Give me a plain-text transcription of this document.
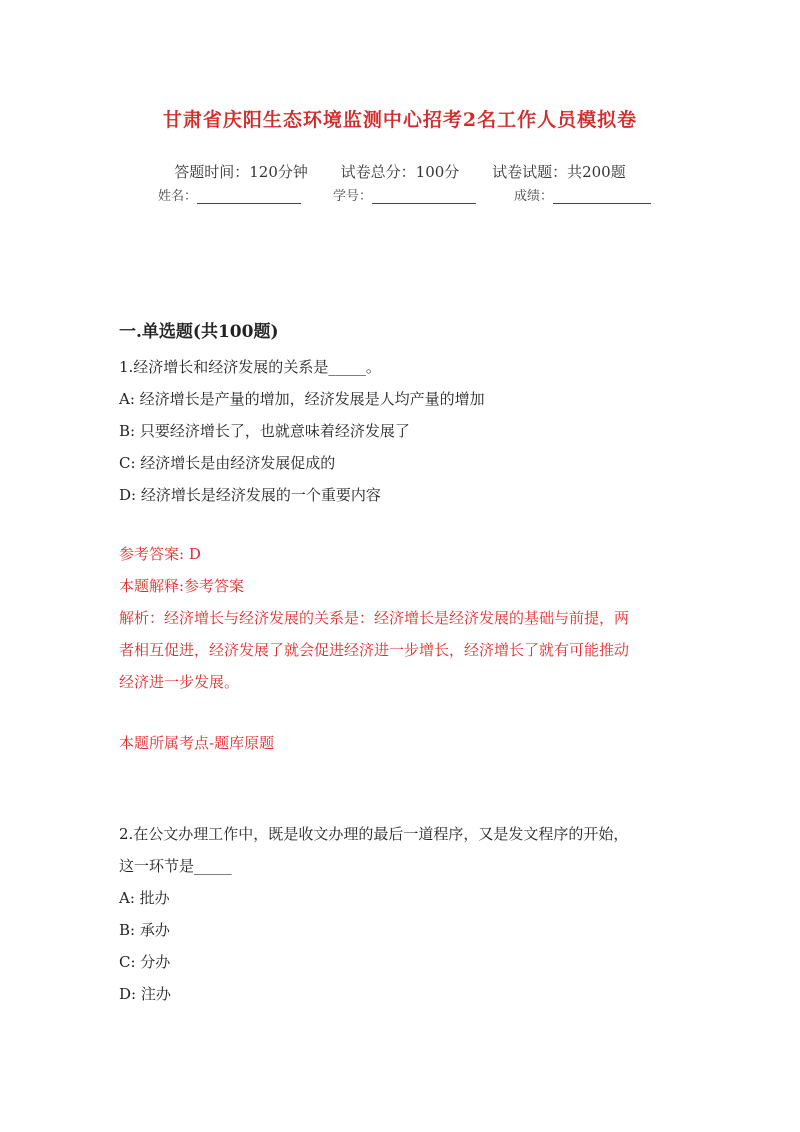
甘肃省庆阳生态环境监测中心招考2名工作人员模拟卷
答题时间：120分钟 试卷总分：100分 试卷试题：共200题
姓名：	学号：	成绩：
一.单选题(共100题)

1.经济增长和经济发展的关系是_____。

A: 经济增长是产量的增加，经济发展是人均产量的增加

B: 只要经济增长了，也就意味着经济发展了

C: 经济增长是由经济发展促成的

D: 经济增长是经济发展的一个重要内容

参考答案: D

本题解释:参考答案

解析：经济增长与经济发展的关系是：经济增长是经济发展的基础与前提，两

者相互促进，经济发展了就会促进经济进一步增长，经济增长了就有可能推动

经济进一步发展。

本题所属考点-题库原题

2.在公文办理工作中，既是收文办理的最后一道程序，又是发文程序的开始，

这一环节是_____

A: 批办

B: 承办

C: 分办

D: 注办
